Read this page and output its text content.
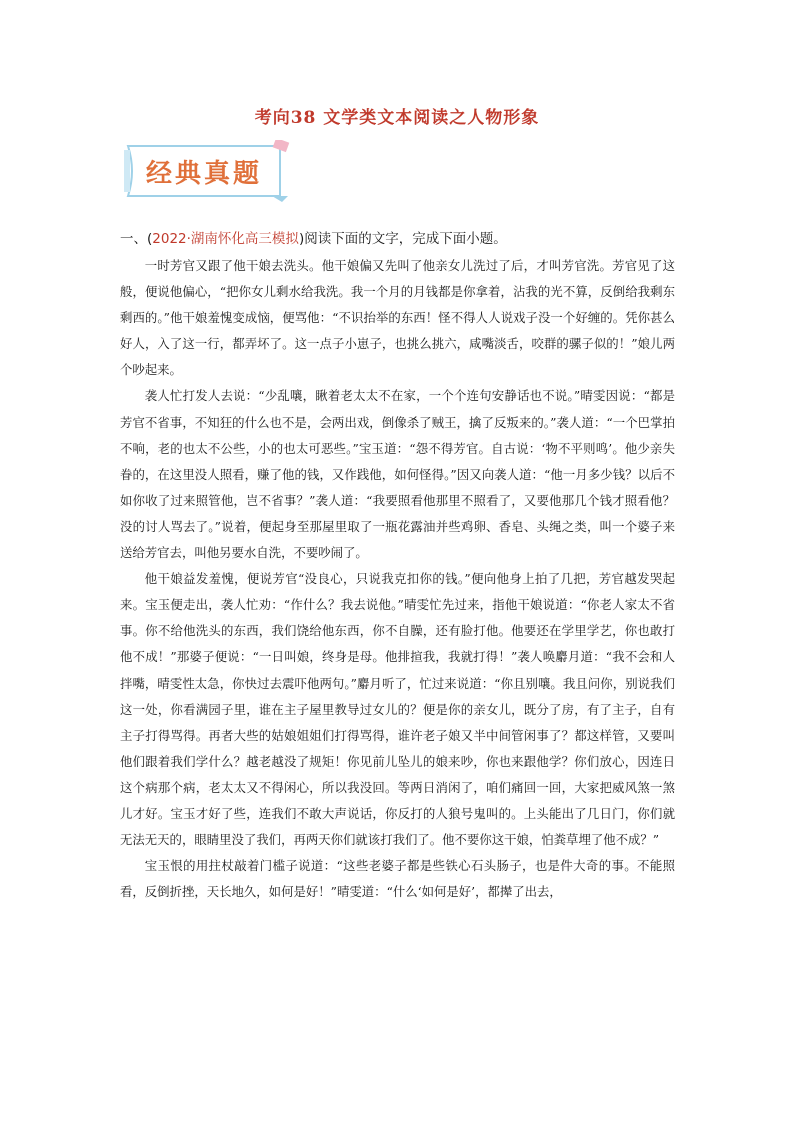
考向38 文学类文本阅读之人物形象
经典真题
一、(2022·湖南怀化高三模拟)阅读下面的文字，完成下面小题。

一时芳官又跟了他干娘去洗头。他干娘偏又先叫了他亲女儿洗过了后，才叫芳官洗。芳官见了这般，便说他偏心，“把你女儿剩水给我洗。我一个月的月钱都是你拿着，沾我的光不算，反倒给我剩东剩西的。”他干娘羞愧变成恼，便骂他：“不识抬举的东西！怪不得人人说戏子没一个好缠的。凭你甚么好人，入了这一行，都弄坏了。这一点子小崽子，也挑么挑六，咸嘴淡舌，咬群的骡子似的！”娘儿两个吵起来。

袭人忙打发人去说：“少乱嚷，瞅着老太太不在家，一个个连句安静话也不说。”晴雯因说：“都是芳官不省事，不知狂的什么也不是，会两出戏，倒像杀了贼王，擒了反叛来的。”袭人道：“一个巴掌拍不响，老的也太不公些，小的也太可恶些。”宝玉道：“怨不得芳官。自古说：‘物不平则鸣’。他少亲失眷的，在这里没人照看，赚了他的钱，又作践他，如何怪得。”因又向袭人道：“他一月多少钱？以后不如你收了过来照管他，岂不省事？”袭人道：“我要照看他那里不照看了，又要他那几个钱才照看他？没的讨人骂去了。”说着，便起身至那屋里取了一瓶花露油并些鸡卵、香皂、头绳之类，叫一个婆子来送给芳官去，叫他另要水自洗，不要吵闹了。

他干娘益发羞愧，便说芳官“没良心，只说我克扣你的钱。”便向他身上拍了几把，芳官越发哭起来。宝玉便走出，袭人忙劝：“作什么？我去说他。”晴雯忙先过来，指他干娘说道：“你老人家太不省事。你不给他洗头的东西，我们饶给他东西，你不自臊，还有脸打他。他要还在学里学艺，你也敢打他不成！”那婆子便说：“一日叫娘，终身是母。他排揎我，我就打得！”袭人唤麝月道：“我不会和人拌嘴，晴雯性太急，你快过去震吓他两句。”麝月听了，忙过来说道：“你且别嚷。我且问你，别说我们这一处，你看满园子里，谁在主子屋里教导过女儿的？便是你的亲女儿，既分了房，有了主子，自有主子打得骂得。再者大些的姑娘姐姐们打得骂得，谁许老子娘又半中间管闲事了？都这样管，又要叫他们跟着我们学什么？越老越没了规矩！你见前儿坠儿的娘来吵，你也来跟他学？你们放心，因连日这个病那个病，老太太又不得闲心，所以我没回。等两日消闲了，咱们痛回一回，大家把威风煞一煞儿才好。宝玉才好了些，连我们不敢大声说话，你反打的人狼号鬼叫的。上头能出了几日门，你们就无法无天的，眼睛里没了我们，再两天你们就该打我们了。他不要你这干娘，怕粪草埋了他不成？”

宝玉恨的用拄杖敲着门槛子说道：“这些老婆子都是些铁心石头肠子，也是件大奇的事。不能照看，反倒折挫，天长地久，如何是好！”晴雯道：“什么‘如何是好’，都撵了出去，
